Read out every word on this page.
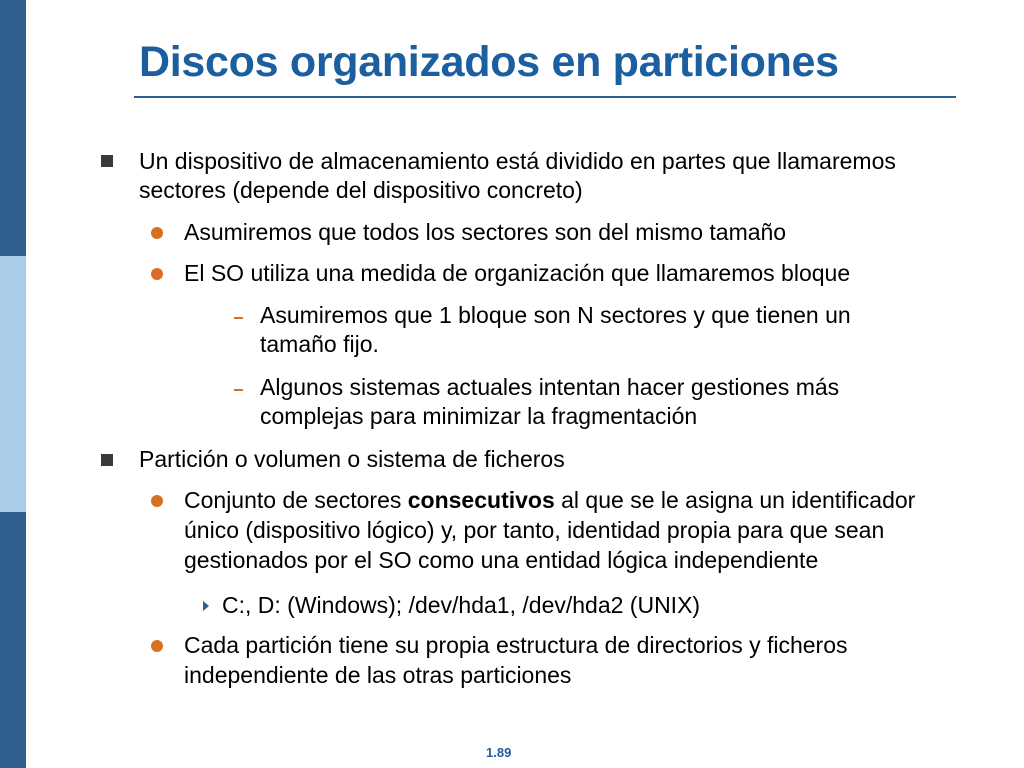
Discos organizados en particiones
Un dispositivo de almacenamiento está dividido en partes que llamaremos
sectores (depende del dispositivo concreto)
Asumiremos que todos los sectores son del mismo tamaño
El SO utiliza una medida de organización que llamaremos bloque
Asumiremos que 1 bloque son N sectores y que tienen un
tamaño fijo.
Algunos sistemas actuales intentan hacer gestiones más
complejas para minimizar la fragmentación
Partición o volumen o sistema de ficheros
Conjunto de sectores consecutivos al que se le asigna un identificador
único (dispositivo lógico) y, por tanto, identidad propia para que sean
gestionados por el SO como una entidad lógica independiente
C:, D: (Windows); /dev/hda1, /dev/hda2 (UNIX)
Cada partición tiene su propia estructura de directorios y ficheros
independiente de las otras particiones
1.89
